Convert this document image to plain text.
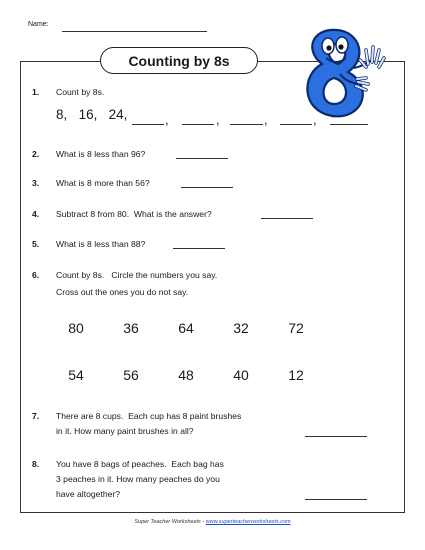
Name:
Counting by 8s
1. Count by 8s.
8, 16, 24,	,	,	,	,
2. What is 8 less than 96?
3. What is 8 more than 56?
4. Subtract 8 from 80.  What is the answer?
5. What is 8 less than 88?
6. Count by 8s.   Circle the numbers you say.
Cross out the ones you do not say.
80	36	64	32	72
54	56	48	40	12
7. There are 8 cups.  Each cup has 8 paint brushes
in it. How many paint brushes in all?
8. You have 8 bags of peaches.  Each bag has
3 peaches in it. How many peaches do you
have altogether?
Super Teacher Worksheets - www.superteacherworksheets.com
